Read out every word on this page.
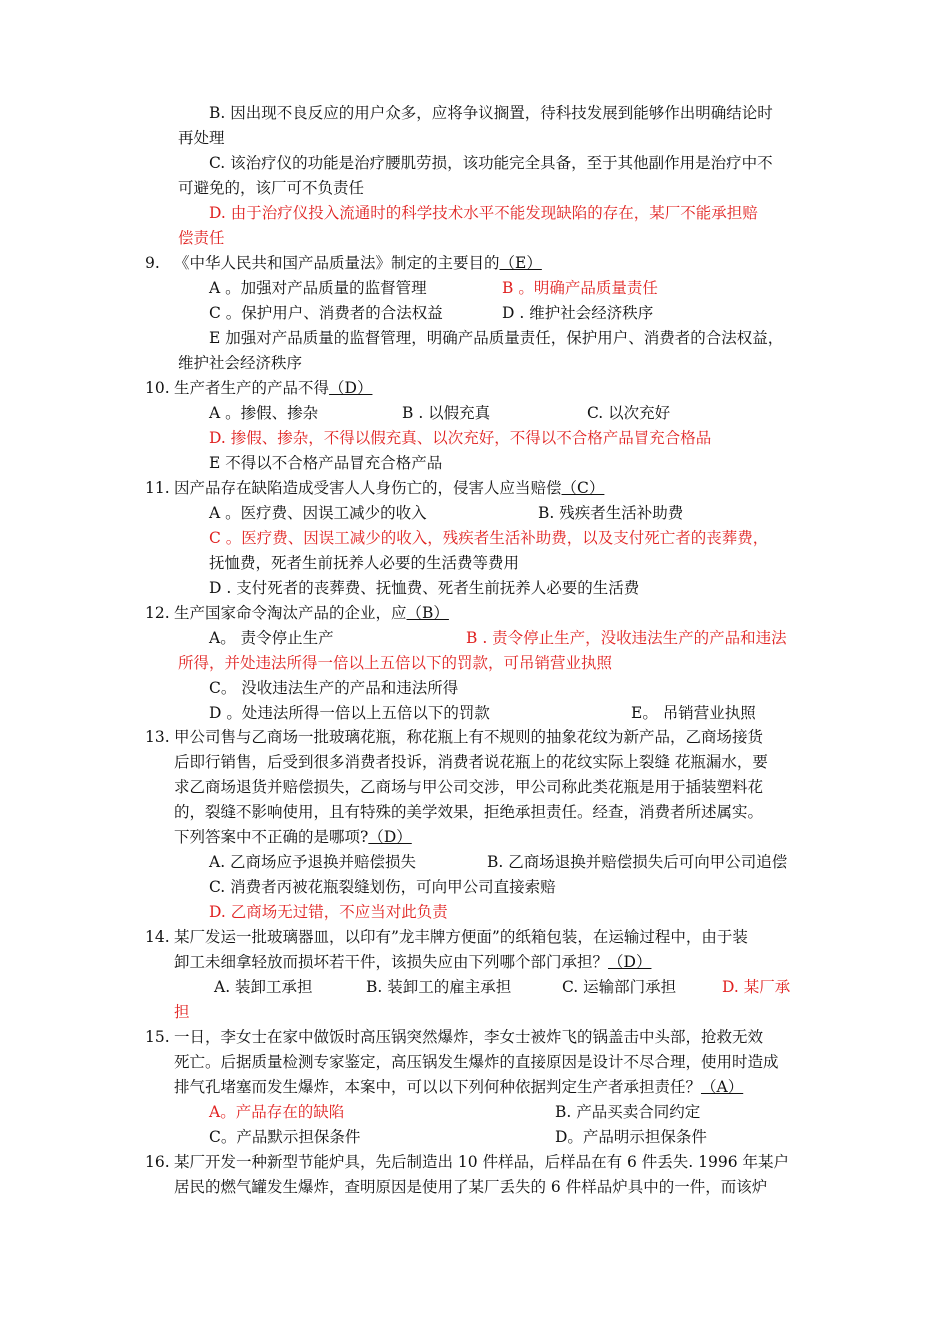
B. 因出现不良反应的用户众多，应将争议搁置，待科技发展到能够作出明确结论时
再处理
C. 该治疗仪的功能是治疗腰肌劳损，该功能完全具备，至于其他副作用是治疗中不
可避免的，该厂可不负责任
D. 由于治疗仪投入流通时的科学技术水平不能发现缺陷的存在，某厂不能承担赔
偿责任
9. 《中华人民共和国产品质量法》制定的主要目的（E）
A 。加强对产品质量的监督管理	B 。明确产品质量责任
C 。保护用户、消费者的合法权益	D . 维护社会经济秩序
E 加强对产品质量的监督管理，明确产品质量责任，保护用户、消费者的合法权益，
维护社会经济秩序
10. 生产者生产的产品不得（D）
A 。掺假、掺杂	B . 以假充真	C. 以次充好
D. 掺假、掺杂，不得以假充真、以次充好，不得以不合格产品冒充合格品
E 不得以不合格产品冒充合格产品
11. 因产品存在缺陷造成受害人人身伤亡的，侵害人应当赔偿（C）
A 。医疗费、因误工减少的收入	B. 残疾者生活补助费
C 。医疗费、因误工减少的收入，残疾者生活补助费，以及支付死亡者的丧葬费，
抚恤费，死者生前抚养人必要的生活费等费用
D . 支付死者的丧葬费、抚恤费、死者生前抚养人必要的生活费
12. 生产国家命令淘汰产品的企业，应（B）
A。 责令停止生产	B . 责令停止生产，没收违法生产的产品和违法
所得，并处违法所得一倍以上五倍以下的罚款，可吊销营业执照
C。 没收违法生产的产品和违法所得
D 。处违法所得一倍以上五倍以下的罚款	E。 吊销营业执照
13. 甲公司售与乙商场一批玻璃花瓶，称花瓶上有不规则的抽象花纹为新产品，乙商场接货
后即行销售，后受到很多消费者投诉，消费者说花瓶上的花纹实际上裂缝 花瓶漏水，要
求乙商场退货并赔偿损失，乙商场与甲公司交涉，甲公司称此类花瓶是用于插装塑料花
的，裂缝不影响使用，且有特殊的美学效果，拒绝承担责任。经查，消费者所述属实。
下列答案中不正确的是哪项?（D）
A. 乙商场应予退换并赔偿损失	B. 乙商场退换并赔偿损失后可向甲公司追偿
C. 消费者丙被花瓶裂缝划伤，可向甲公司直接索赔
D. 乙商场无过错，不应当对此负责
14. 某厂发运一批玻璃器皿，以印有”龙丰牌方便面”的纸箱包装，在运输过程中，由于装
卸工未细拿轻放而损坏若干件，该损失应由下列哪个部门承担？（D）
A. 装卸工承担	B. 装卸工的雇主承担	C. 运输部门承担	D. 某厂承
担
15. 一日，李女士在家中做饭时高压锅突然爆炸，李女士被炸飞的锅盖击中头部，抢救无效
死亡。后据质量检测专家鉴定，高压锅发生爆炸的直接原因是设计不尽合理，使用时造成
排气孔堵塞而发生爆炸，本案中，可以以下列何种依据判定生产者承担责任？（A）
A。产品存在的缺陷	B. 产品买卖合同约定
C。产品默示担保条件	D。产品明示担保条件
16. 某厂开发一种新型节能炉具，先后制造出 10 件样品，后样品在有 6 件丢失. 1996 年某户
居民的燃气罐发生爆炸，查明原因是使用了某厂丢失的 6 件样品炉具中的一件，而该炉
